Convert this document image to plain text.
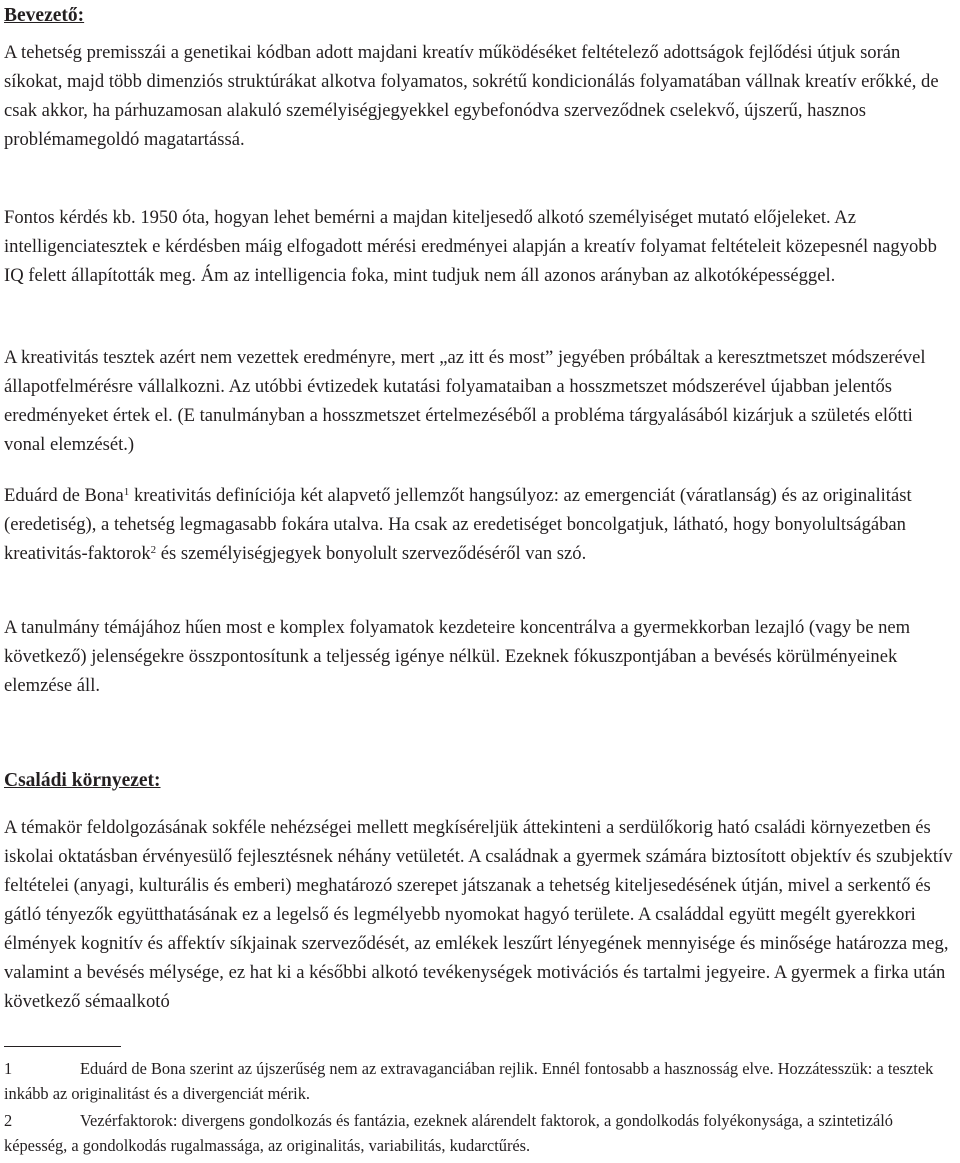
Bevezető:

A tehetség premisszái a genetikai kódban adott majdani kreatív működéséket feltételező adottságok fejlődési útjuk során síkokat, majd több dimenziós struktúrákat alkotva folyamatos, sokrétű kondicionálás folyamatában vállnak kreatív erőkké, de csak akkor, ha párhuzamosan alakuló személyiségjegyekkel egybefonódva szerveződnek cselekvő, újszerű, hasznos problémamegoldó magatartássá.

Fontos kérdés kb. 1950 óta, hogyan lehet bemérni a majdan kiteljesedő alkotó személyiséget mutató előjeleket. Az intelligenciatesztek e kérdésben máig elfogadott mérési eredményei alapján a kreatív folyamat feltételeit közepesnél nagyobb IQ felett állapították meg. Ám az intelligencia foka, mint tudjuk nem áll azonos arányban az alkotóképességgel.

A kreativitás tesztek azért nem vezettek eredményre, mert „az itt és most” jegyében próbáltak a keresztmetszet módszerével állapotfelmérésre vállalkozni. Az utóbbi évtizedek kutatási folyamataiban a hosszmetszet módszerével újabban jelentős eredményeket értek el. (E tanulmányban a hosszmetszet értelmezéséből a probléma tárgyalásából kizárjuk a születés előtti vonal elemzését.)

Eduárd de Bona$^1$ kreativitás definíciója két alapvető jellemzőt hangsúlyoz: az emergenciát (váratlanság) és az originalitást (eredetiség), a tehetség legmagasabb fokára utalva. Ha csak az eredetiséget boncolgatjuk, látható, hogy bonyolultságában kreativitás-faktorok$^2$ és személyiségjegyek bonyolult szerveződéséről van szó.

A tanulmány témájához hűen most e komplex folyamatok kezdeteire koncentrálva a gyermekkorban lezajló (vagy be nem következő) jelenségekre összpontosítunk a teljesség igénye nélkül. Ezeknek fókuszpontjában a bevésés körülményeinek elemzése áll.

Családi környezet:

A témakör feldolgozásának sokféle nehézségei mellett megkíséreljük áttekinteni a serdülőkorig ható családi környezetben és iskolai oktatásban érvényesülő fejlesztésnek néhány vetületét. A családnak a gyermek számára biztosított objektív és szubjektív feltételei (anyagi, kulturális és emberi) meghatározó szerepet játszanak a tehetség kiteljesedésének útján, mivel a serkentő és gátló tényezők együtthatásának ez a legelső és legmélyebb nyomokat hagyó területe. A családdal együtt megélt gyerekkori élmények kognitív és affektív síkjainak szerveződését, az emlékek leszűrt lényegének mennyisége és minősége határozza meg, valamint a bevésés mélysége, ez hat ki a későbbi alkotó tevékenységek motivációs és tartalmi jegyeire. A gyermek a firka után következő sémaalkotó

1	Eduárd de Bona szerint az újszerűség nem az extravaganciában rejlik. Ennél fontosabb a hasznosság elve. Hozzátesszük: a tesztek inkább az originalitást és a divergenciát mérik.

2	Vezérfaktorok: divergens gondolkozás és fantázia, ezeknek alárendelt faktorok, a gondolkodás folyékonysága, a szintetizáló képesség, a gondolkodás rugalmassága, az originalitás, variabilitás, kudarctűrés.
